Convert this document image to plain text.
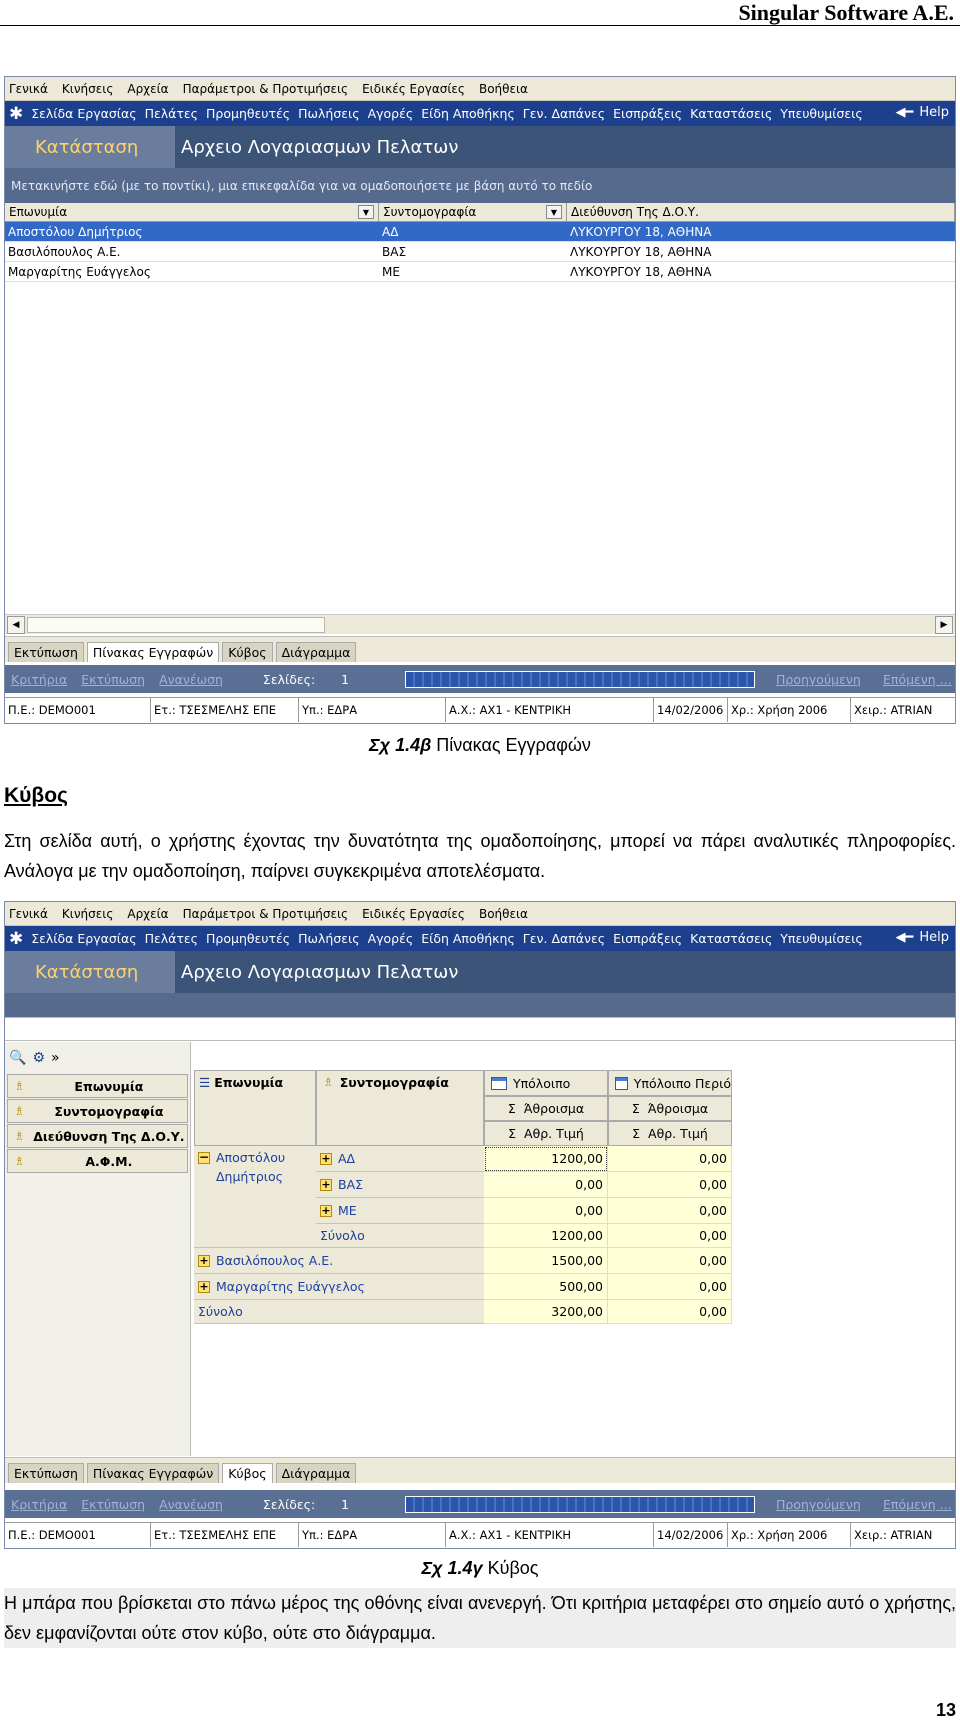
Singular Software A.E.
Γενικά Κινήσεις Αρχεία Παράμετροι & Προτιμήσεις Ειδικές Εργασίες Βοήθεια
✱ Σελίδα Εργασίας Πελάτες Προμηθευτές Πωλήσεις Αγορές Είδη Αποθήκης Γεν. Δαπάνες Εισπράξεις Καταστάσεις Υπευθυμίσεις	◀━ Help
Κατάσταση	Αρχειο Λογαριασμων Πελατων
Μετακινήστε εδώ (με το ποντίκι), μια επικεφαλίδα για να ομαδοποιήσετε με βάση αυτό το πεδίο
Επωνυμία	▼	Συντομογραφία	▼	Διεύθυνση Της Δ.Ο.Υ.
Αποστόλου Δημήτριος	ΑΔ	ΛΥΚΟΥΡΓΟΥ 18, ΑΘΗΝΑ
Βασιλόπουλος Α.Ε.	ΒΑΣ	ΛΥΚΟΥΡΓΟΥ 18, ΑΘΗΝΑ
Μαργαρίτης Ευάγγελος	ΜΕ	ΛΥΚΟΥΡΓΟΥ 18, ΑΘΗΝΑ
◀	▶
Εκτύπωση	Πίνακας Εγγραφών	Κύβος	Διάγραμμα
Κριτήρια Εκτύπωση Ανανέωση	Σελίδες: 1	Προηγούμενη Επόμενη ...
Π.Ε.: DEMO001	Ετ.: ΤΣΕΣΜΕΛΗΣ ΕΠΕ	Υπ.: ΕΔΡΑ	Α.Χ.: AX1 - ΚΕΝΤΡΙΚΗ	14/02/2006 Χρ.: Χρήση 2006	Χειρ.: ATRIAN
Σχ 1.4β Πίνακας Εγγραφών
Κύβος
Στη σελίδα αυτή, ο χρήστης έχοντας την δυνατότητα της ομαδοποίησης, μπορεί να πάρει αναλυτικές πληροφορίες. Ανάλογα με την ομαδοποίηση, παίρνει συγκεκριμένα αποτελέσματα.
Γενικά Κινήσεις Αρχεία Παράμετροι & Προτιμήσεις Ειδικές Εργασίες Βοήθεια
✱ Σελίδα Εργασίας Πελάτες Προμηθευτές Πωλήσεις Αγορές Είδη Αποθήκης Γεν. Δαπάνες Εισπράξεις Καταστάσεις Υπευθυμίσεις	◀━ Help
Κατάσταση	Αρχειο Λογαριασμων Πελατων
🔍 ⚙ »
♗	Επωνυμία
♗	Συντομογραφία
♗ Διεύθυνση Της Δ.Ο.Υ.
♗	Α.Φ.Μ.
☰ Επωνυμία	♗ Συντομογραφία	Υπόλοιπο	Υπόλοιπο Περιό
Σ Άθροισμα	Σ Άθροισμα
Σ Αθρ. Τιμή	Σ Αθρ. Τιμή
− Αποστόλου
Δημήτριος
+ ΑΔ	1200,00	0,00
+ ΒΑΣ	0,00	0,00
+ ΜΕ	0,00	0,00
Σύνολο	1200,00	0,00
+ Βασιλόπουλος Α.Ε.	1500,00	0,00
+ Μαργαρίτης Ευάγγελος	500,00	0,00
Σύνολο	3200,00	0,00
Εκτύπωση	Πίνακας Εγγραφών	Κύβος	Διάγραμμα
Κριτήρια Εκτύπωση Ανανέωση	Σελίδες: 1	Προηγούμενη Επόμενη ...
Π.Ε.: DEMO001	Ετ.: ΤΣΕΣΜΕΛΗΣ ΕΠΕ	Υπ.: ΕΔΡΑ	Α.Χ.: AX1 - ΚΕΝΤΡΙΚΗ	14/02/2006 Χρ.: Χρήση 2006	Χειρ.: ATRIAN
Σχ 1.4γ Κύβος
Η μπάρα που βρίσκεται στο πάνω μέρος της οθόνης είναι ανενεργή. Ότι κριτήρια μεταφέρει στο σημείο αυτό ο χρήστης, δεν εμφανίζονται ούτε στον κύβο, ούτε στο διάγραμμα.
13
